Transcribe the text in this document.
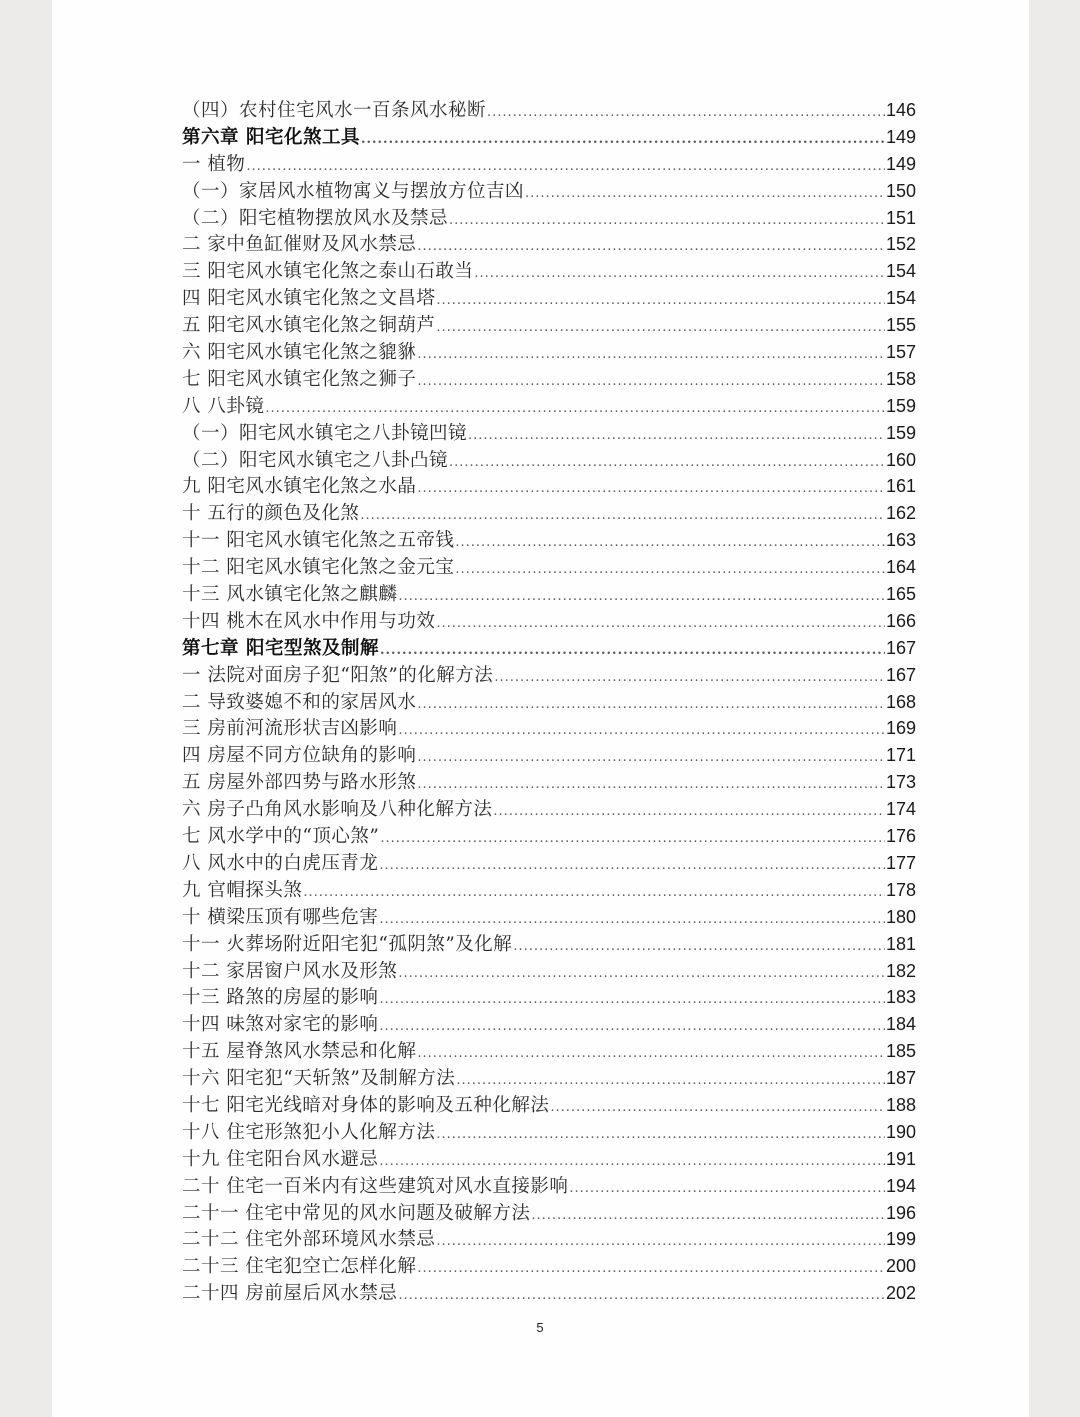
（四）农村住宅风水一百条风水秘断 .....	146
第六章 阳宅化煞工具 .....	149
一 植物 .....	149
（一）家居风水植物寓义与摆放方位吉凶 .....	150
（二）阳宅植物摆放风水及禁忌 .....	151
二 家中鱼缸催财及风水禁忌 .....	152
三 阳宅风水镇宅化煞之泰山石敢当 .....	154
四 阳宅风水镇宅化煞之文昌塔 .....	154
五 阳宅风水镇宅化煞之铜葫芦 .....	155
六 阳宅风水镇宅化煞之貔貅 .....	157
七 阳宅风水镇宅化煞之狮子 .....	158
八 八卦镜 .....	159
（一）阳宅风水镇宅之八卦镜凹镜 .....	159
（二）阳宅风水镇宅之八卦凸镜 .....	160
九 阳宅风水镇宅化煞之水晶 .....	161
十 五行的颜色及化煞 .....	162
十一 阳宅风水镇宅化煞之五帝钱 .....	163
十二 阳宅风水镇宅化煞之金元宝 .....	164
十三 风水镇宅化煞之麒麟 .....	165
十四 桃木在风水中作用与功效 .....	166
第七章 阳宅型煞及制解 .....	167
一 法院对面房子犯“阳煞”的化解方法 .....	167
二 导致婆媳不和的家居风水 .....	168
三 房前河流形状吉凶影响 .....	169
四 房屋不同方位缺角的影响 .....	171
五 房屋外部四势与路水形煞 .....	173
六 房子凸角风水影响及八种化解方法 .....	174
七 风水学中的“顶心煞” .....	176
八 风水中的白虎压青龙 .....	177
九 官帽探头煞 .....	178
十 横梁压顶有哪些危害 .....	180
十一 火葬场附近阳宅犯“孤阴煞”及化解 .....	181
十二 家居窗户风水及形煞 .....	182
十三 路煞的房屋的影响 .....	183
十四 味煞对家宅的影响 .....	184
十五 屋脊煞风水禁忌和化解 .....	185
十六 阳宅犯“天斩煞”及制解方法 .....	187
十七 阳宅光线暗对身体的影响及五种化解法 .....	188
十八 住宅形煞犯小人化解方法 .....	190
十九 住宅阳台风水避忌 .....	191
二十 住宅一百米内有这些建筑对风水直接影响 .....	194
二十一 住宅中常见的风水问题及破解方法 .....	196
二十二 住宅外部环境风水禁忌 .....	199
二十三 住宅犯空亡怎样化解 .....	200
二十四 房前屋后风水禁忌 .....	202
5
